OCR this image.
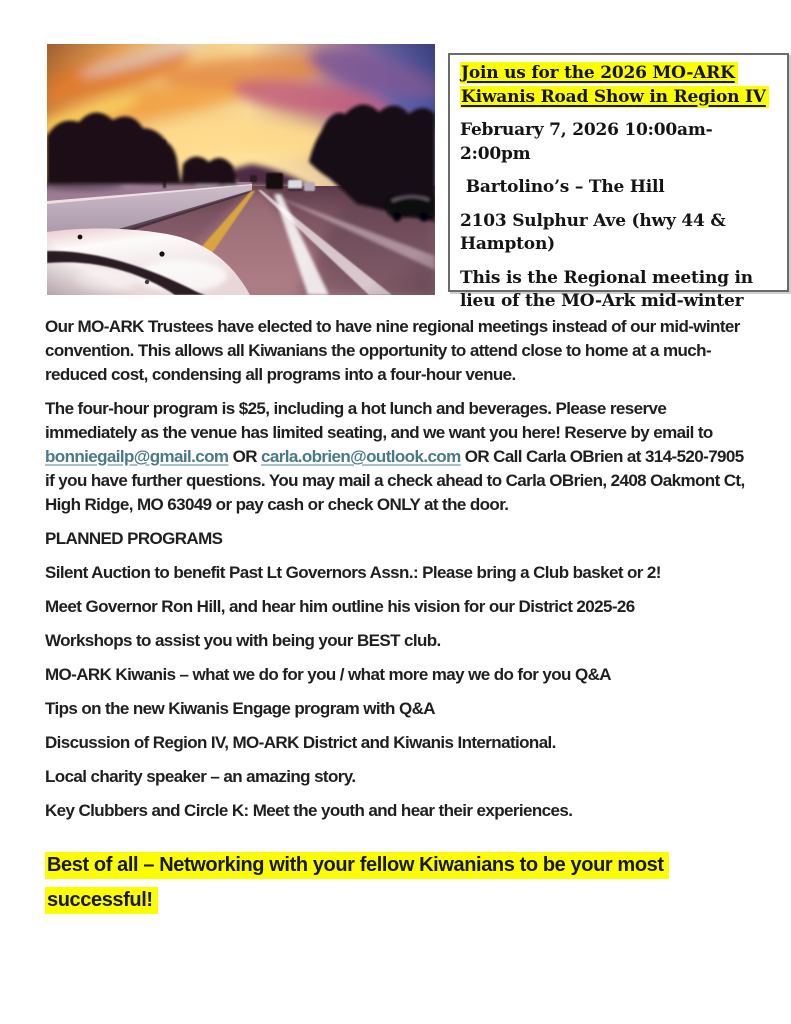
Join us for the 2026 MO-ARK Kiwanis Road Show in Region IV

February 7, 2026 10:00am-2:00pm

Bartolino’s – The Hill

2103 Sulphur Ave (hwy 44 & Hampton)

This is the Regional meeting in lieu of the MO-Ark mid-winter

Our MO-ARK Trustees have elected to have nine regional meetings instead of our mid-winter convention. This allows all Kiwanians the opportunity to attend close to home at a much-reduced cost, condensing all programs into a four-hour venue.

The four-hour program is $25, including a hot lunch and beverages. Please reserve immediately as the venue has limited seating, and we want you here! Reserve by email to bonniegailp@gmail.com OR carla.obrien@outlook.com OR Call Carla OBrien at 314-520-7905 if you have further questions. You may mail a check ahead to Carla OBrien, 2408 Oakmont Ct, High Ridge, MO 63049 or pay cash or check ONLY at the door.

PLANNED PROGRAMS

Silent Auction to benefit Past Lt Governors Assn.: Please bring a Club basket or 2!

Meet Governor Ron Hill, and hear him outline his vision for our District 2025-26

Workshops to assist you with being your BEST club.

MO-ARK Kiwanis – what we do for you / what more may we do for you Q&A

Tips on the new Kiwanis Engage program with Q&A

Discussion of Region IV, MO-ARK District and Kiwanis International.

Local charity speaker – an amazing story.

Key Clubbers and Circle K: Meet the youth and hear their experiences.

Best of all – Networking with your fellow Kiwanians to be your most successful!
